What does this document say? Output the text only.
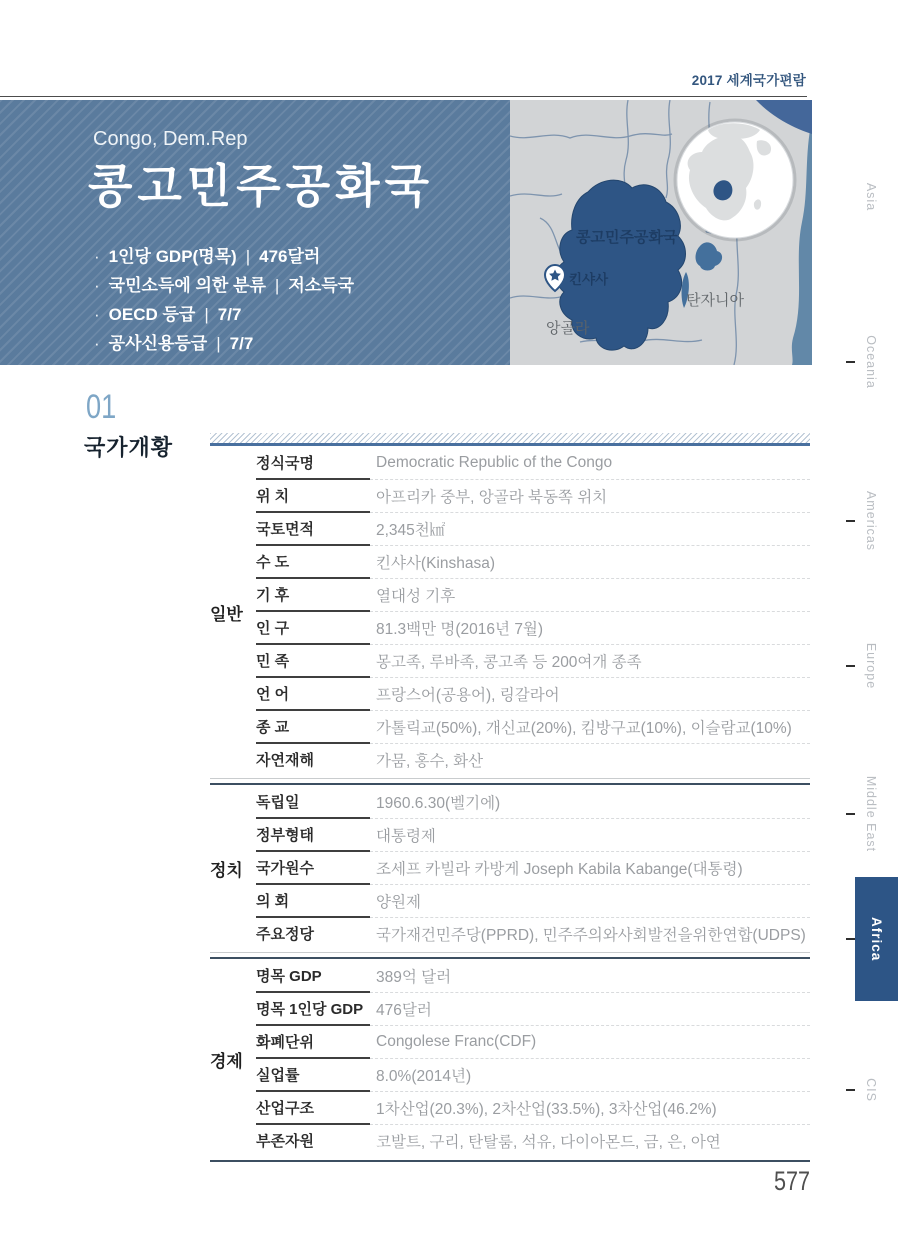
2017 세계국가편람
Congo, Dem.Rep
콩고민주공화국
· 1인당 GDP(명목) | 476달러
· 국민소득에 의한 분류 | 저소득국
· OECD 등급 | 7/7
· 공사신용등급 | 7/7
콩고민주공화국
킨샤사
탄자니아
앙골라
Asia
Oceania
Americas
Europe
Middle East
Africa
CIS
01
국가개황
일반
정식국명	Democratic Republic of the Congo
위 치	아프리카 중부, 앙골라 북동쪽 위치
국토면적	2,345천㎢
수 도	킨샤사(Kinshasa)
기 후	열대성 기후
인 구	81.3백만 명(2016년 7월)
민 족	몽고족, 루바족, 콩고족 등 200여개 종족
언 어	프랑스어(공용어), 링갈라어
종 교	가톨릭교(50%), 개신교(20%), 킴방구교(10%), 이슬람교(10%)
자연재해	가뭄, 홍수, 화산
정치
독립일	1960.6.30(벨기에)
정부형태	대통령제
국가원수	조세프 카빌라 카방게 Joseph Kabila Kabange(대통령)
의 회	양원제
주요정당	국가재건민주당(PPRD), 민주주의와사회발전을위한연합(UDPS)
경제
명목 GDP	389억 달러
명목 1인당 GDP 476달러
화폐단위	Congolese Franc(CDF)
실업률	8.0%(2014년)
산업구조	1차산업(20.3%), 2차산업(33.5%), 3차산업(46.2%)
부존자원	코발트, 구리, 탄탈룸, 석유, 다이아몬드, 금, 은, 아연
577
